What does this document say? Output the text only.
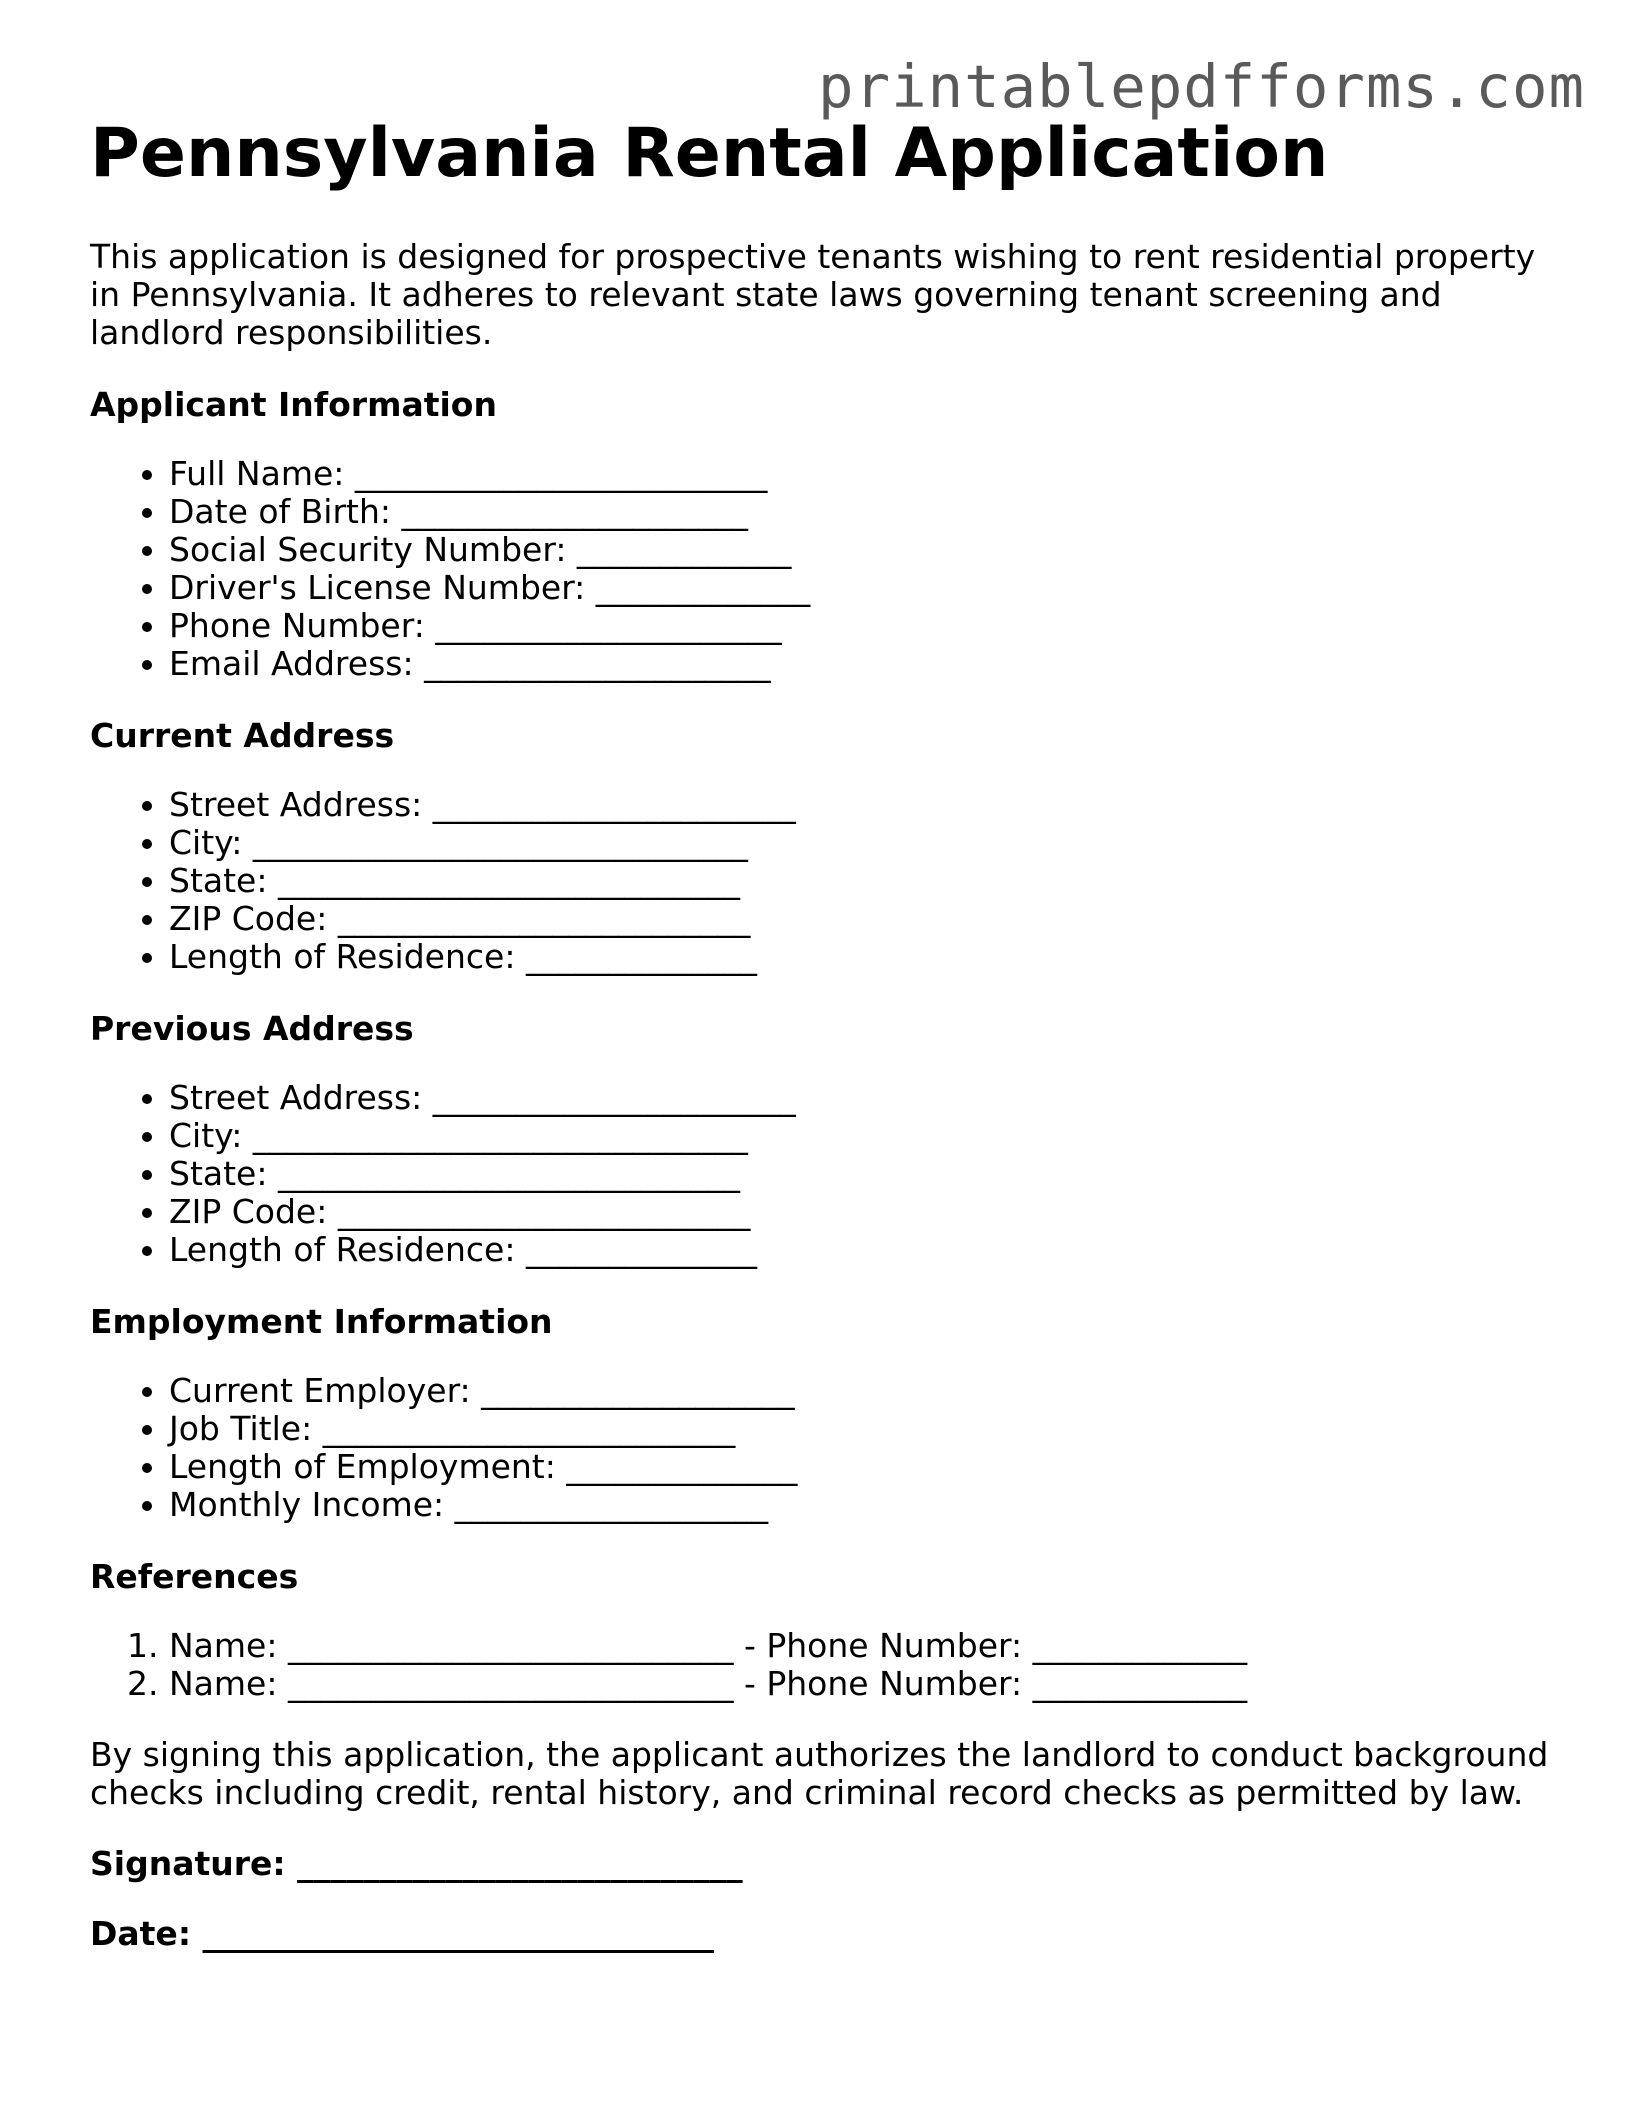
printablepdfforms.com
Pennsylvania Rental Application

This application is designed for prospective tenants wishing to rent residential property in Pennsylvania. It adheres to relevant state laws governing tenant screening and landlord responsibilities.

Applicant Information
• Full Name: _________________________
• Date of Birth: _____________________
• Social Security Number: _____________
• Driver's License Number: _____________
• Phone Number: _____________________
• Email Address: _____________________
Current Address
• Street Address: ______________________
• City: ______________________________
• State: ____________________________
• ZIP Code: _________________________
• Length of Residence: ______________
Previous Address
• Street Address: ______________________
• City: ______________________________
• State: ____________________________
• ZIP Code: _________________________
• Length of Residence: ______________
Employment Information
• Current Employer: ___________________
• Job Title: _________________________
• Length of Employment: ______________
• Monthly Income: ___________________
References
1. Name: ___________________________ - Phone Number: _____________
2. Name: ___________________________ - Phone Number: _____________

By signing this application, the applicant authorizes the landlord to conduct background checks including credit, rental history, and criminal record checks as permitted by law.

Signature: ___________________________

Date: _______________________________
